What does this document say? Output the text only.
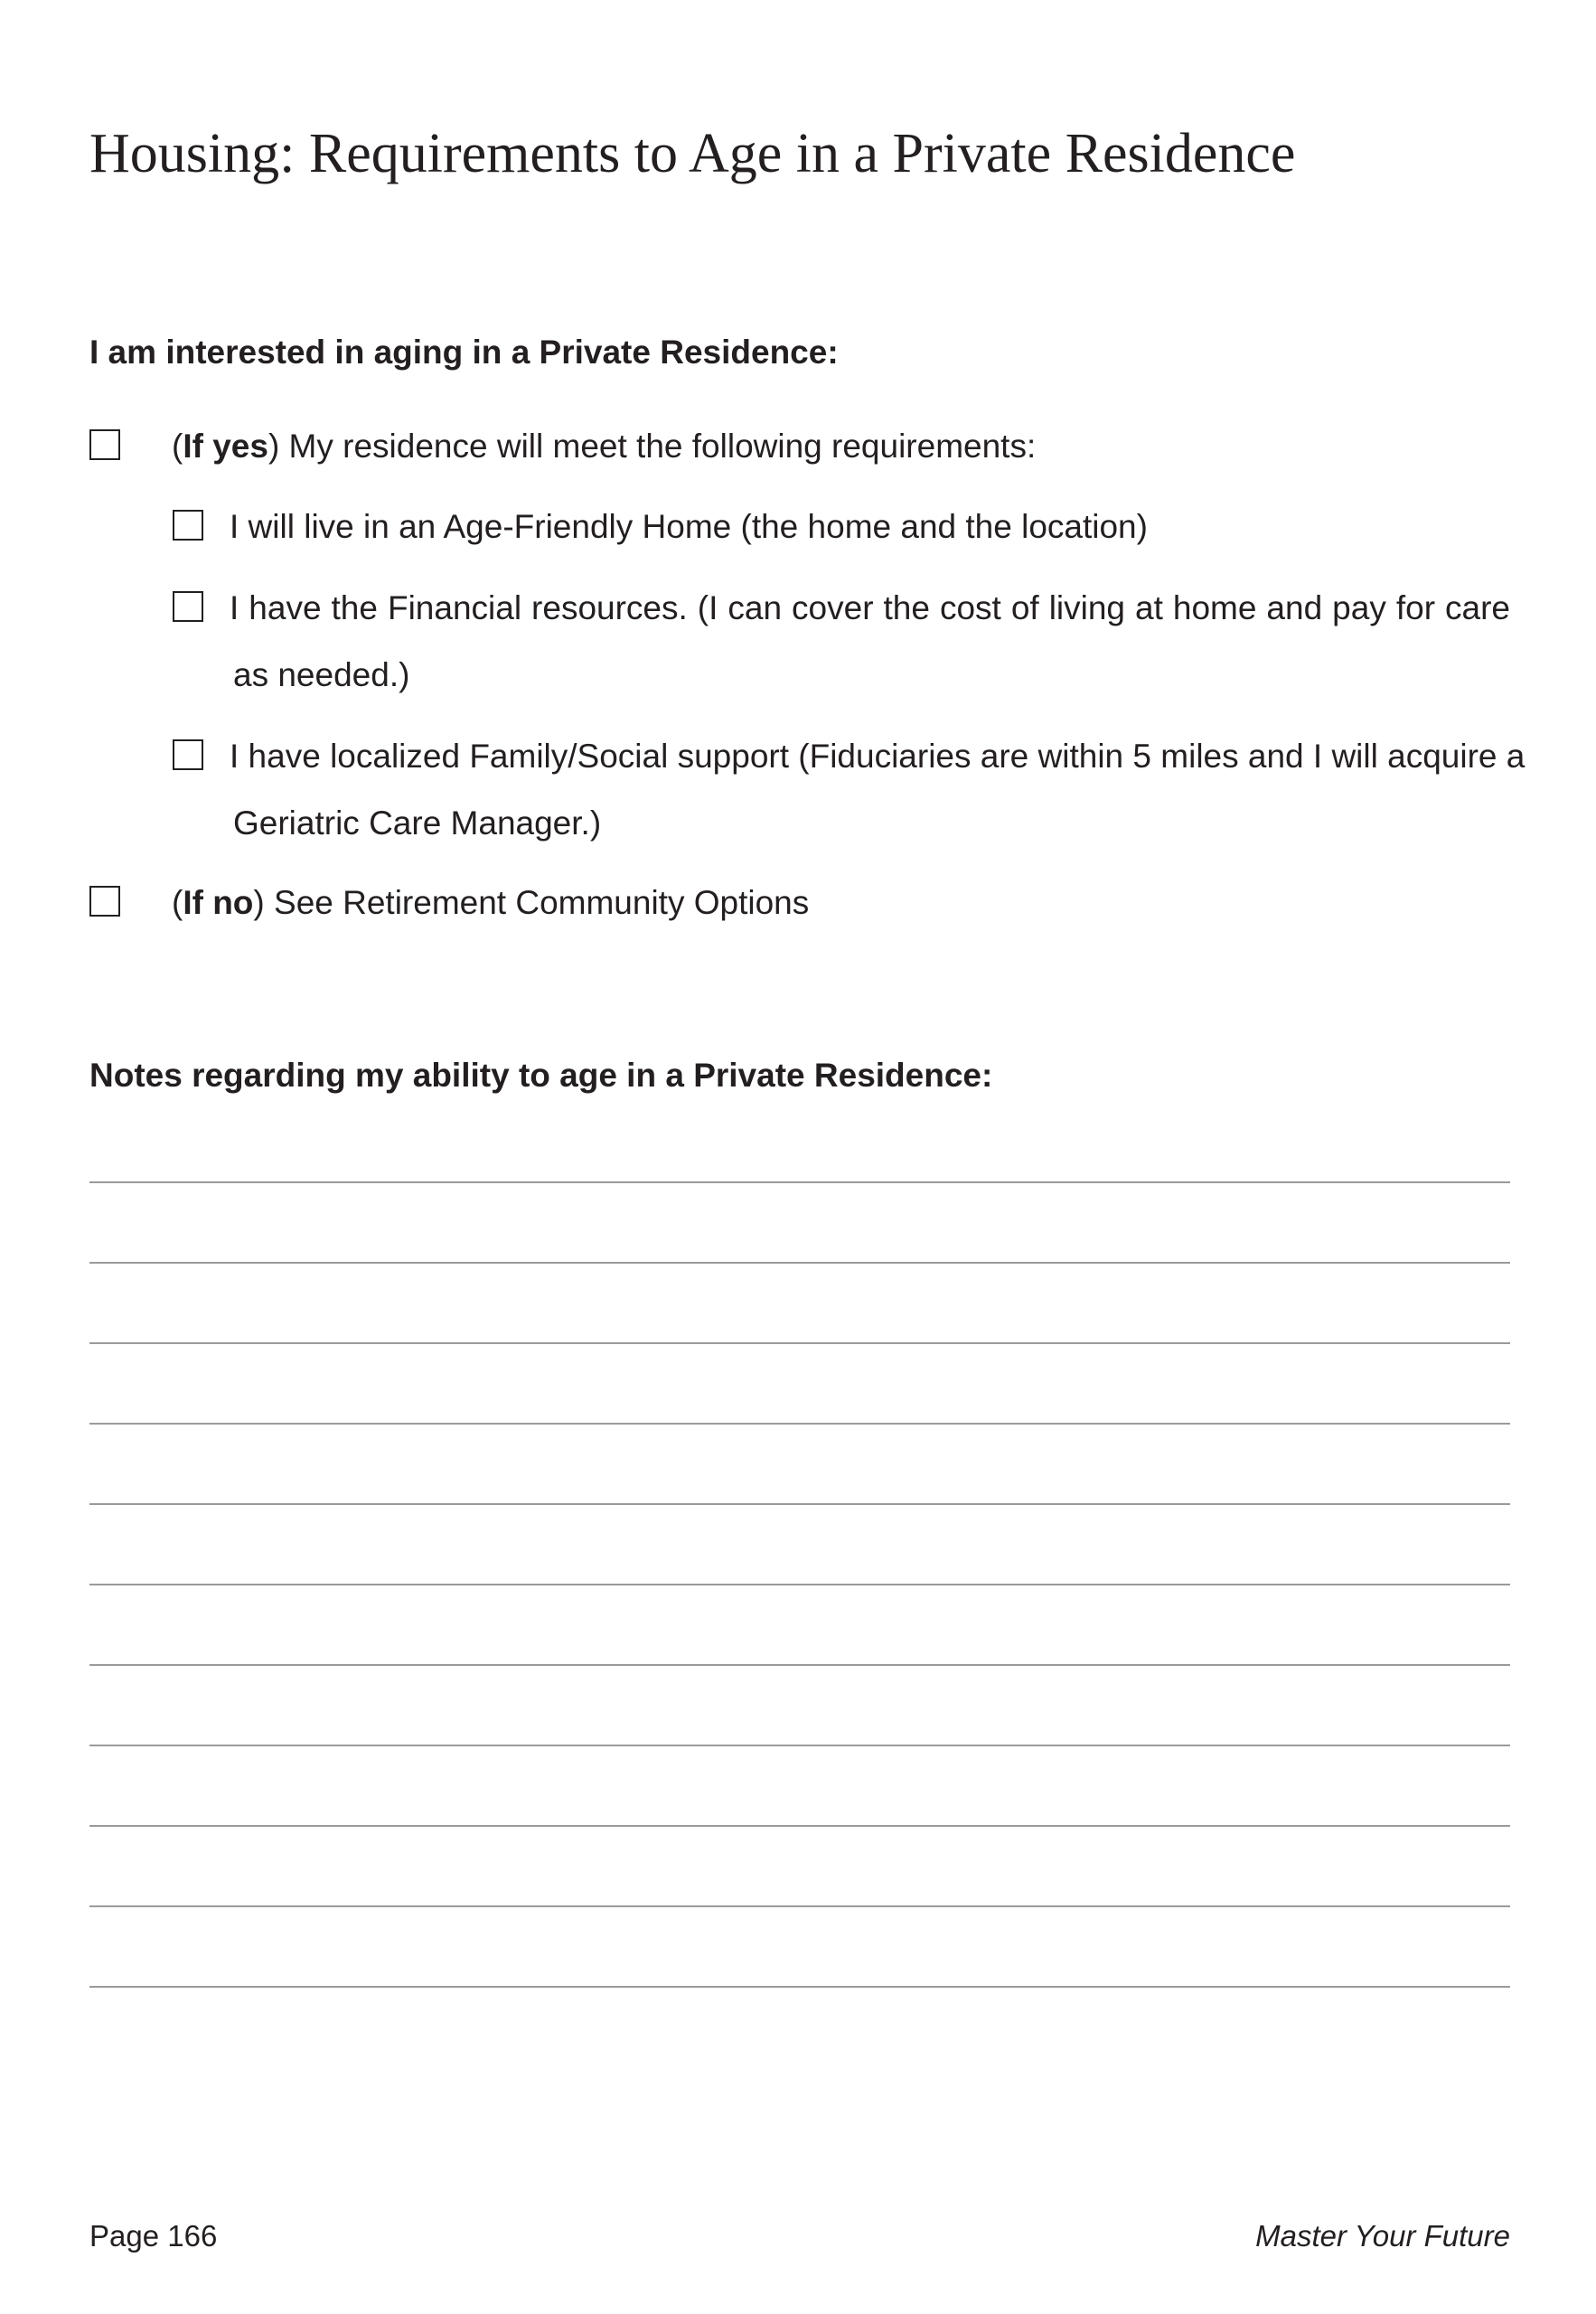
Housing: Requirements to Age in a Private Residence
I am interested in aging in a Private Residence:
(If yes) My residence will meet the following requirements:
I will live in an Age-Friendly Home (the home and the location)
I have the Financial resources. (I can cover the cost of living at home and pay for care
as needed.)
I have localized Family/Social support (Fiduciaries are within 5 miles and I will acquire a
Geriatric Care Manager.)
(If no) See Retirement Community Options
Notes regarding my ability to age in a Private Residence:
Page 166	Master Your Future
